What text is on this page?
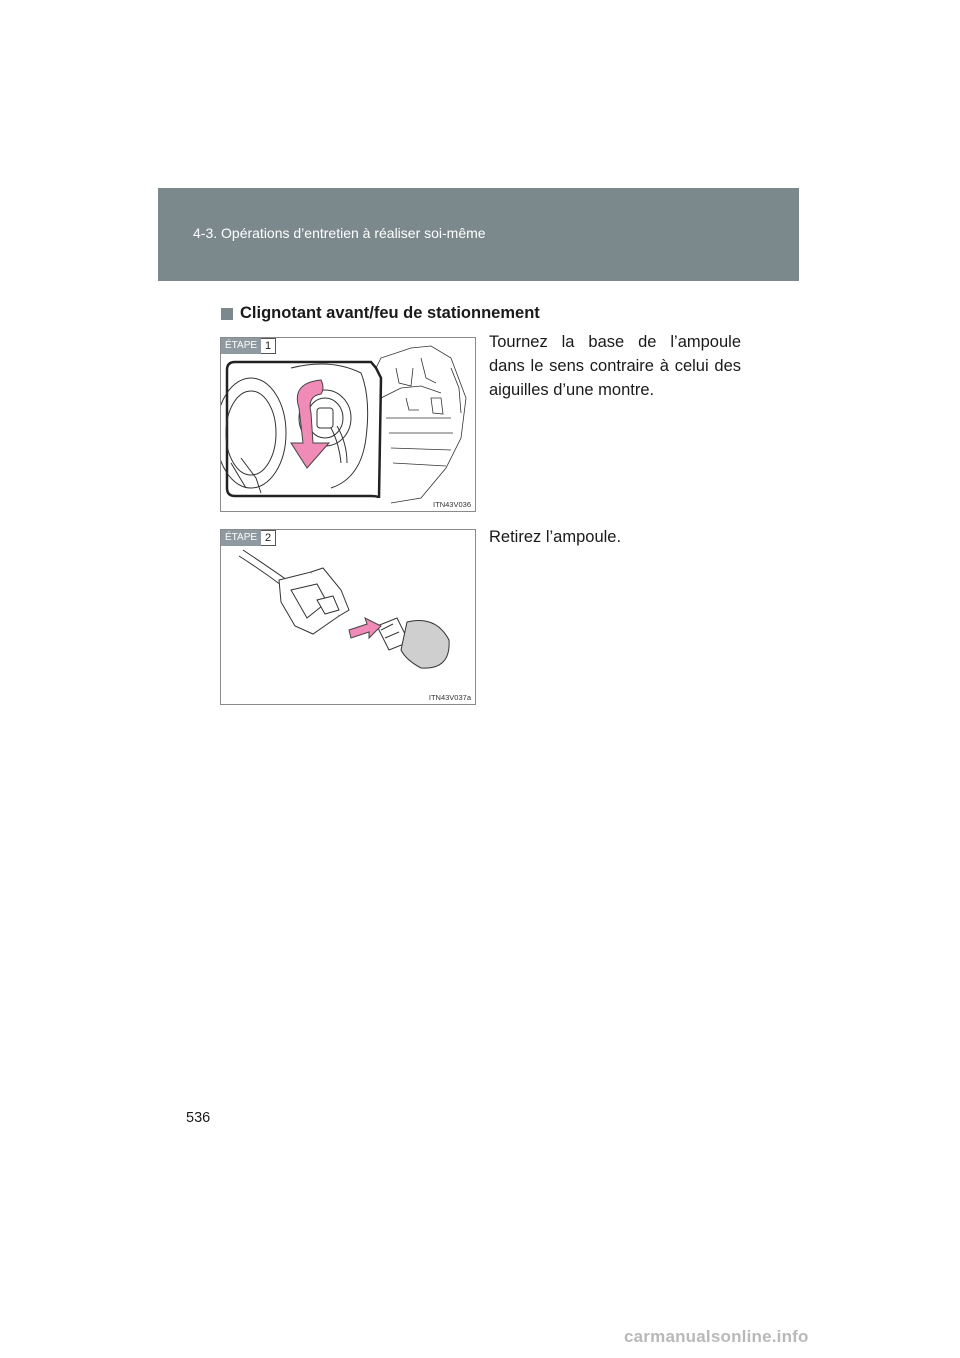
4-3. Opérations d’entretien à réaliser soi-même
Clignotant avant/feu de stationnement
ÉTAPE 1
ITN43V036
Tournez la base de l’ampoule dans le sens contraire à celui des aiguilles d’une montre.
ÉTAPE 2
ITN43V037a
Retirez l’ampoule.
536
carmanualsonline.info
